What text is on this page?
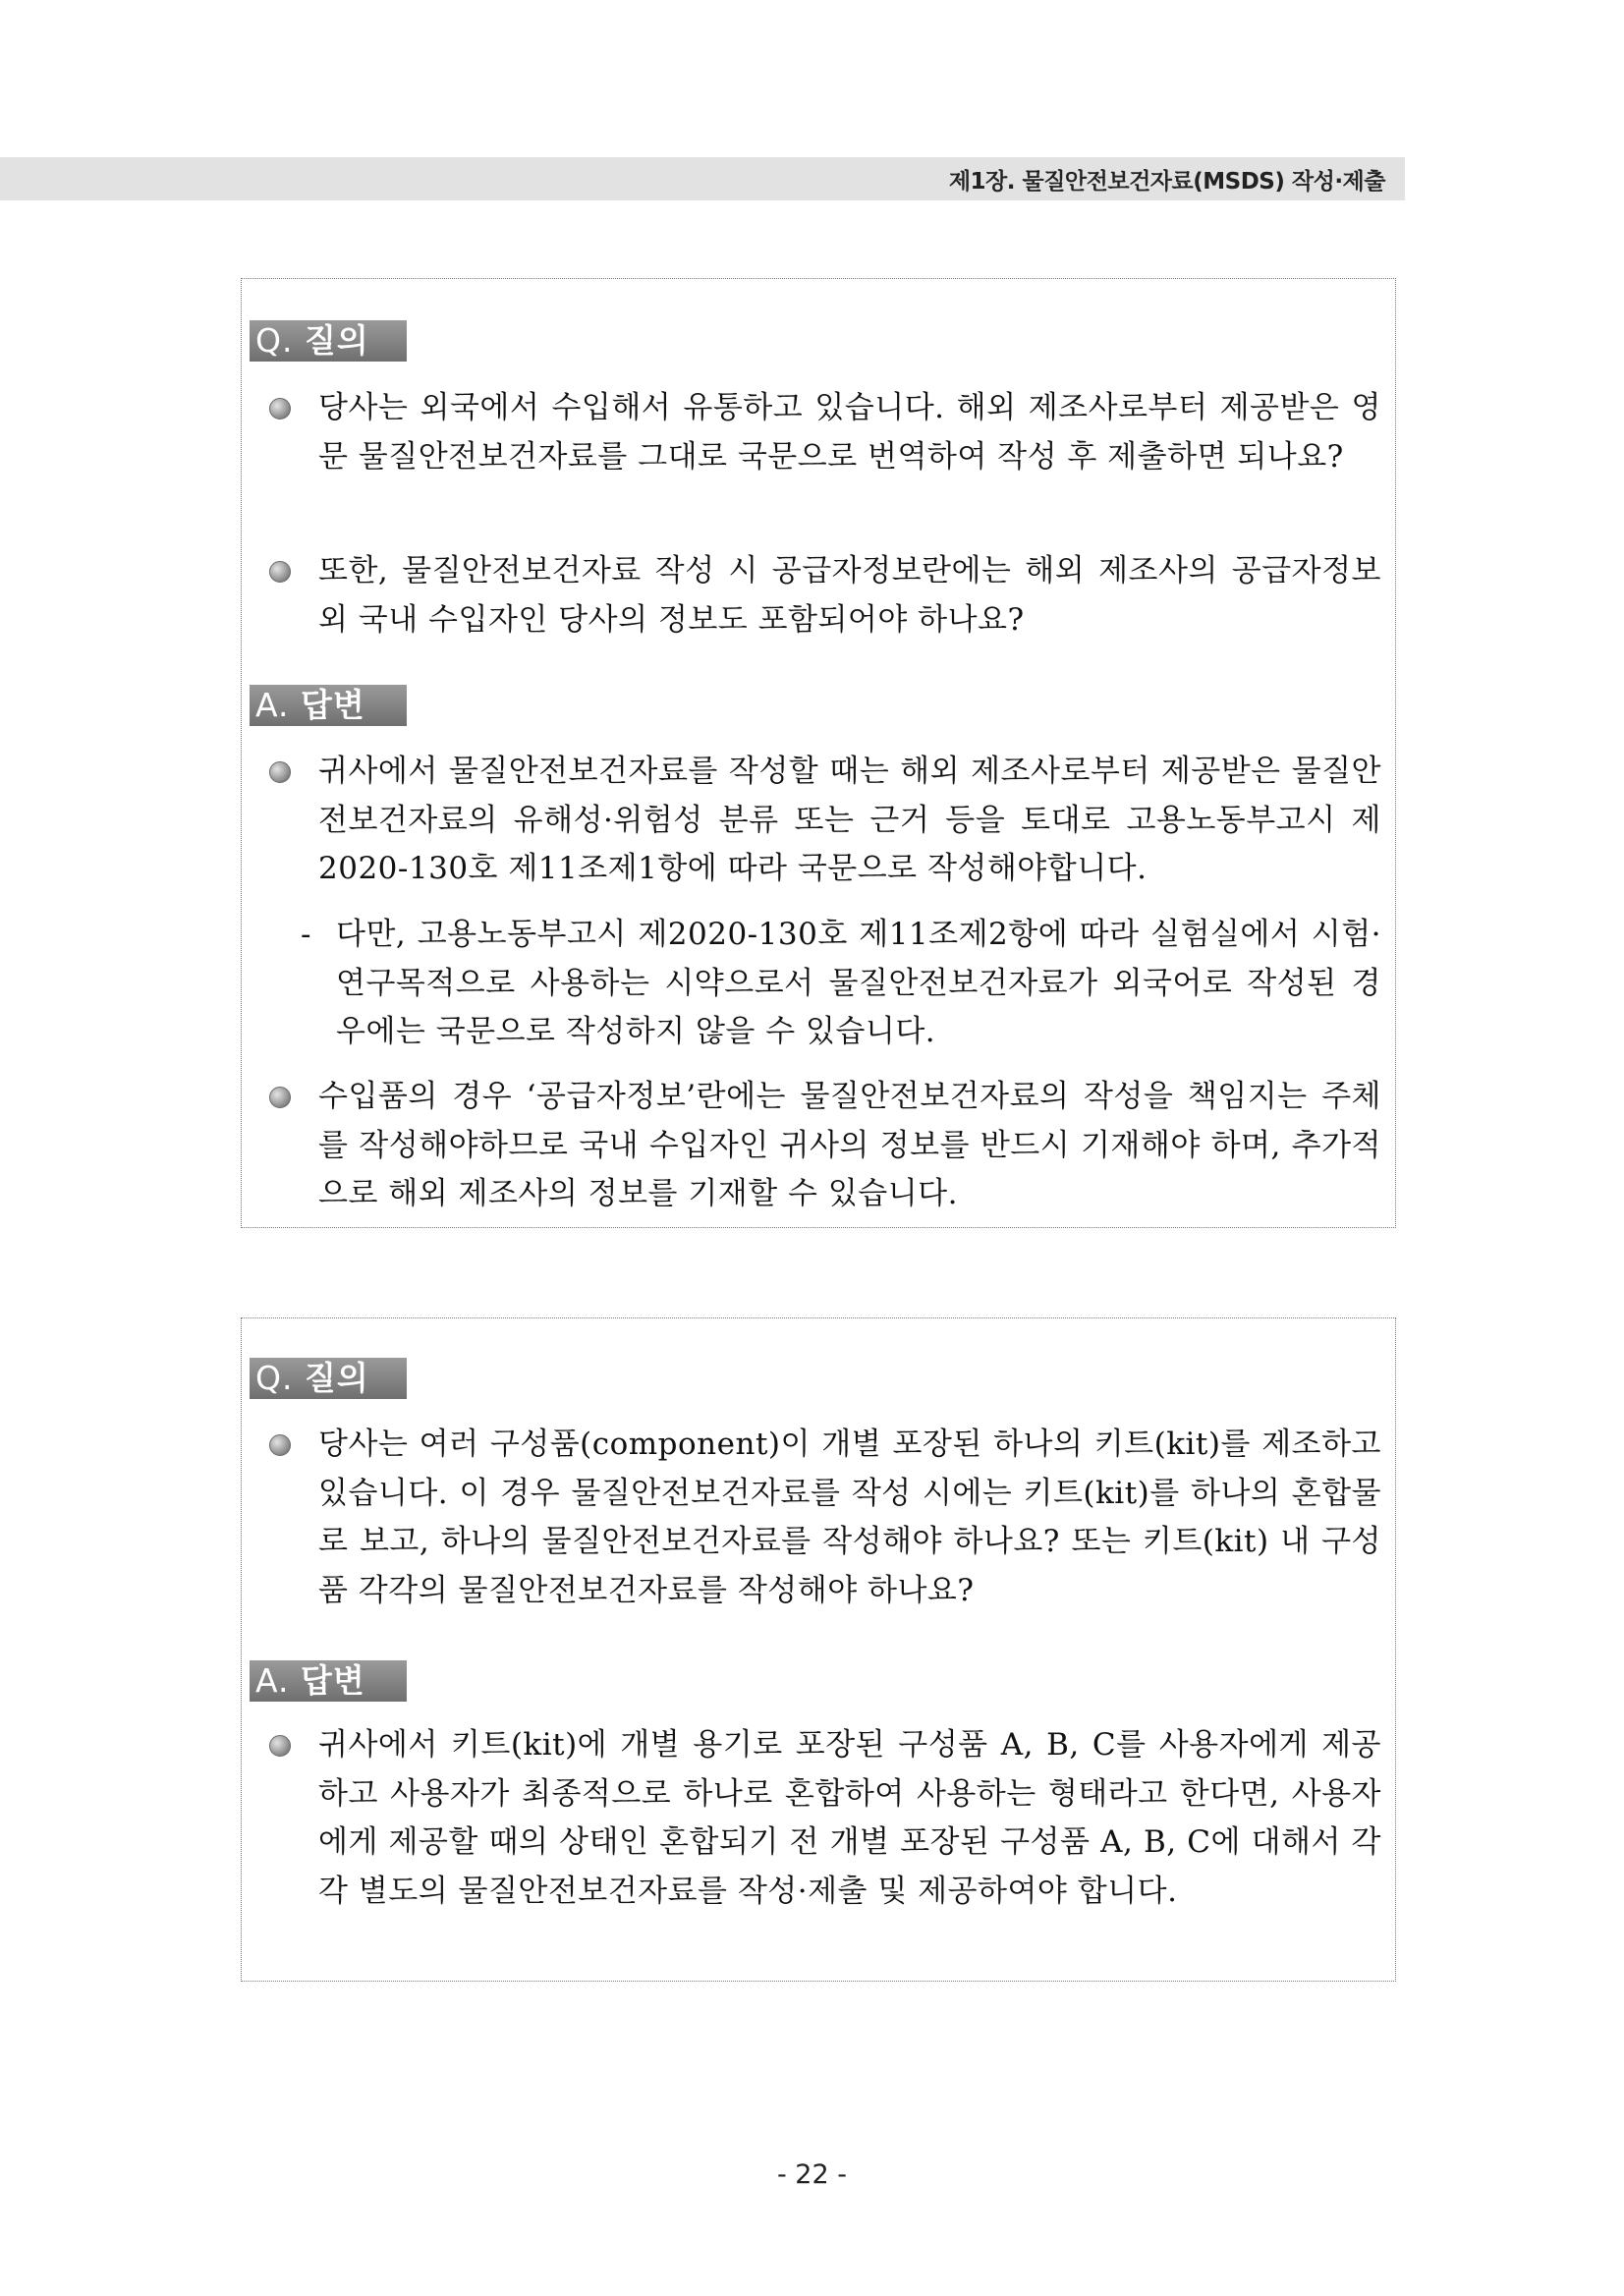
제1장. 물질안전보건자료(MSDS) 작성·제출
Q. 질의
당사는 외국에서 수입해서 유통하고 있습니다. 해외 제조사로부터 제공받은 영문 물질안전보건자료를 그대로 국문으로 번역하여 작성 후 제출하면 되나요?
또한, 물질안전보건자료 작성 시 공급자정보란에는 해외 제조사의 공급자정보 외 국내 수입자인 당사의 정보도 포함되어야 하나요?
A. 답변
귀사에서 물질안전보건자료를 작성할 때는 해외 제조사로부터 제공받은 물질안전보건자료의 유해성·위험성 분류 또는 근거 등을 토대로 고용노동부고시 제2020-130호 제11조제1항에 따라 국문으로 작성해야합니다.
- 다만, 고용노동부고시 제2020-130호 제11조제2항에 따라 실험실에서 시험·연구목적으로 사용하는 시약으로서 물질안전보건자료가 외국어로 작성된 경우에는 국문으로 작성하지 않을 수 있습니다.
수입품의 경우 ‘공급자정보’란에는 물질안전보건자료의 작성을 책임지는 주체를 작성해야하므로 국내 수입자인 귀사의 정보를 반드시 기재해야 하며, 추가적으로 해외 제조사의 정보를 기재할 수 있습니다.
Q. 질의
당사는 여러 구성품(component)이 개별 포장된 하나의 키트(kit)를 제조하고 있습니다. 이 경우 물질안전보건자료를 작성 시에는 키트(kit)를 하나의 혼합물로 보고, 하나의 물질안전보건자료를 작성해야 하나요? 또는 키트(kit) 내 구성품 각각의 물질안전보건자료를 작성해야 하나요?
A. 답변
귀사에서 키트(kit)에 개별 용기로 포장된 구성품 A, B, C를 사용자에게 제공하고 사용자가 최종적으로 하나로 혼합하여 사용하는 형태라고 한다면, 사용자에게 제공할 때의 상태인 혼합되기 전 개별 포장된 구성품 A, B, C에 대해서 각각 별도의 물질안전보건자료를 작성·제출 및 제공하여야 합니다.
- 22 -
